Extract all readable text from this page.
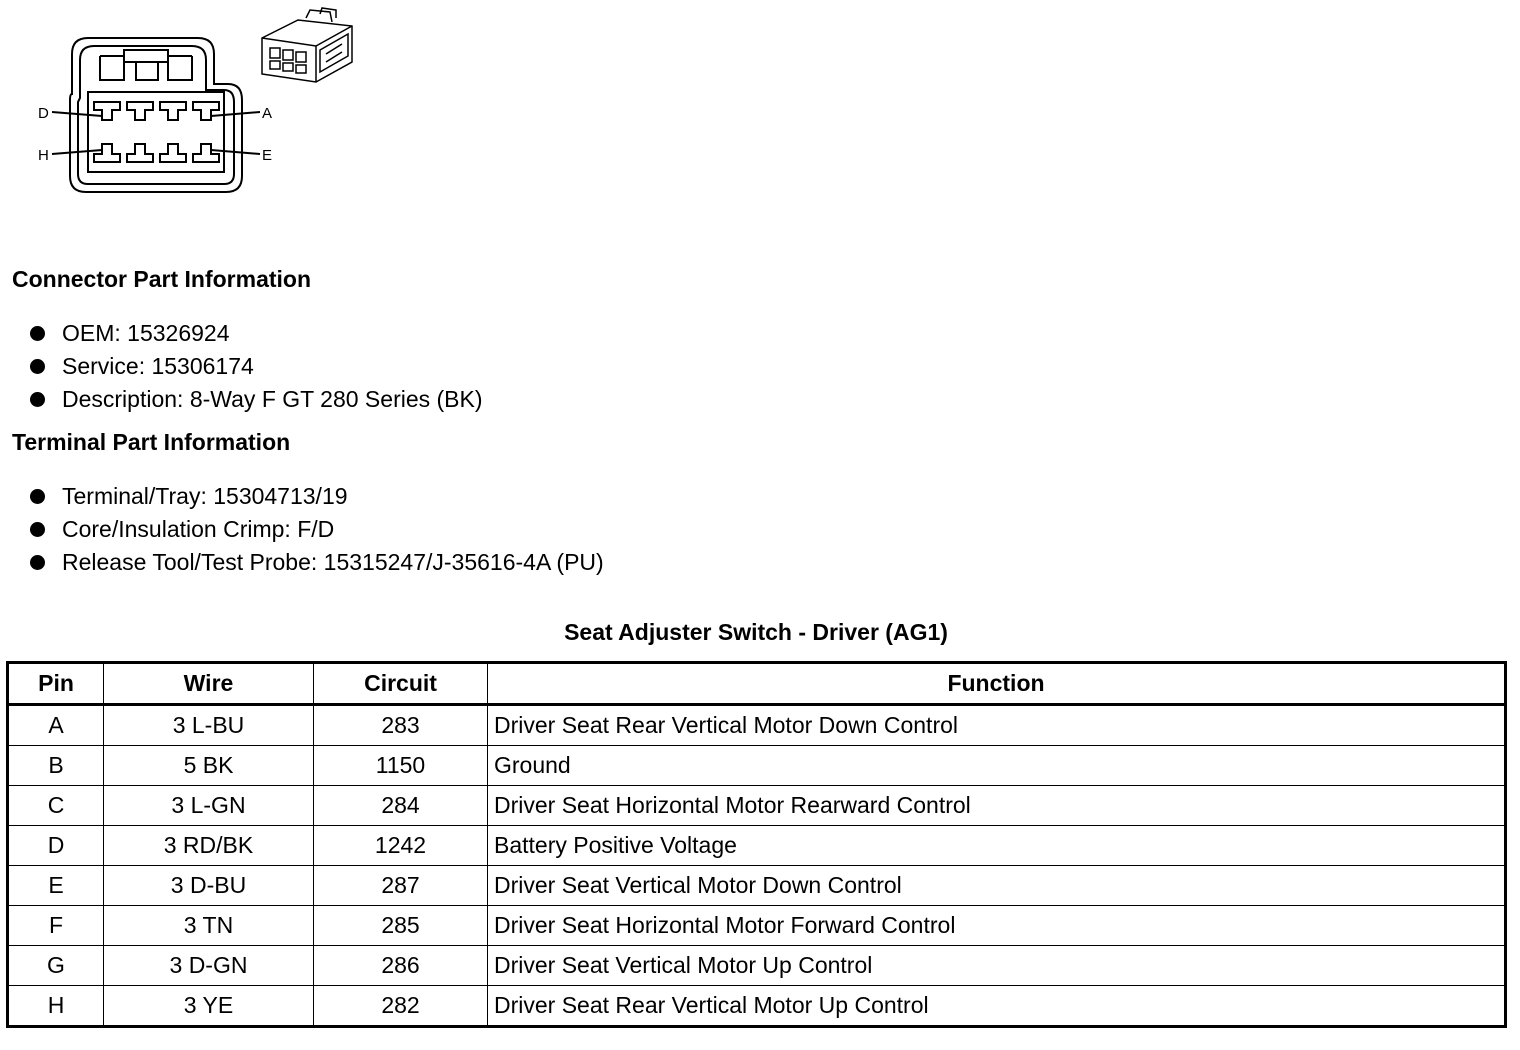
D	A
H	E
Connector Part Information
OEM: 15326924
Service: 15306174
Description: 8-Way F GT 280 Series (BK)
Terminal Part Information
Terminal/Tray: 15304713/19
Core/Insulation Crimp: F/D
Release Tool/Test Probe: 15315247/J-35616-4A (PU)
Seat Adjuster Switch - Driver (AG1)
Pin	Wire	Circuit	Function
A	3 L-BU	283	Driver Seat Rear Vertical Motor Down Control
B	5 BK	1150	Ground
C	3 L-GN	284	Driver Seat Horizontal Motor Rearward Control
D	3 RD/BK	1242	Battery Positive Voltage
E	3 D-BU	287	Driver Seat Vertical Motor Down Control
F	3 TN	285	Driver Seat Horizontal Motor Forward Control
G	3 D-GN	286	Driver Seat Vertical Motor Up Control
H	3 YE	282	Driver Seat Rear Vertical Motor Up Control
